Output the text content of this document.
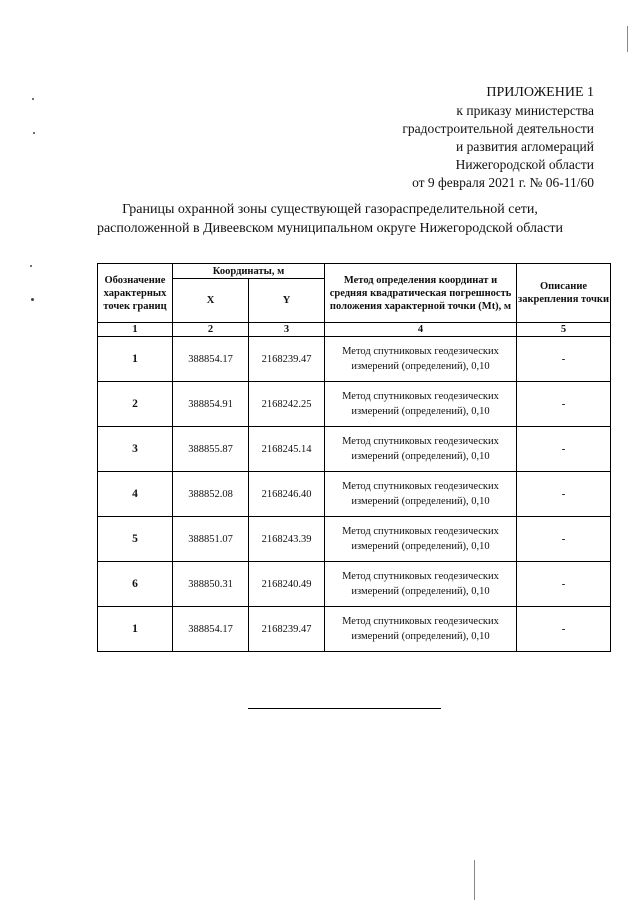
ПРИЛОЖЕНИЕ 1
к приказу министерства
градостроительной деятельности
и развития агломераций
Нижегородской области
от 9 февраля 2021 г. № 06-11/60
Границы охранной зоны существующей газораспределительной сети,
расположенной в Дивеевском муниципальном округе Нижегородской области
Обозначение характерных точек границ	Координаты, м		Метод определения координат и средняя квадратическая погрешность положения характерной точки (Mt), м	Описание закрепления точки
	X	Y		
1	2	3	4	5
1	388854.17	2168239.47	Метод спутниковых геодезических измерений (определений), 0,10	-
2	388854.91	2168242.25	Метод спутниковых геодезических измерений (определений), 0,10	-
3	388855.87	2168245.14	Метод спутниковых геодезических измерений (определений), 0,10	-
4	388852.08	2168246.40	Метод спутниковых геодезических измерений (определений), 0,10	-
5	388851.07	2168243.39	Метод спутниковых геодезических измерений (определений), 0,10	-
6	388850.31	2168240.49	Метод спутниковых геодезических измерений (определений), 0,10	-
1	388854.17	2168239.47	Метод спутниковых геодезических измерений (определений), 0,10	-
